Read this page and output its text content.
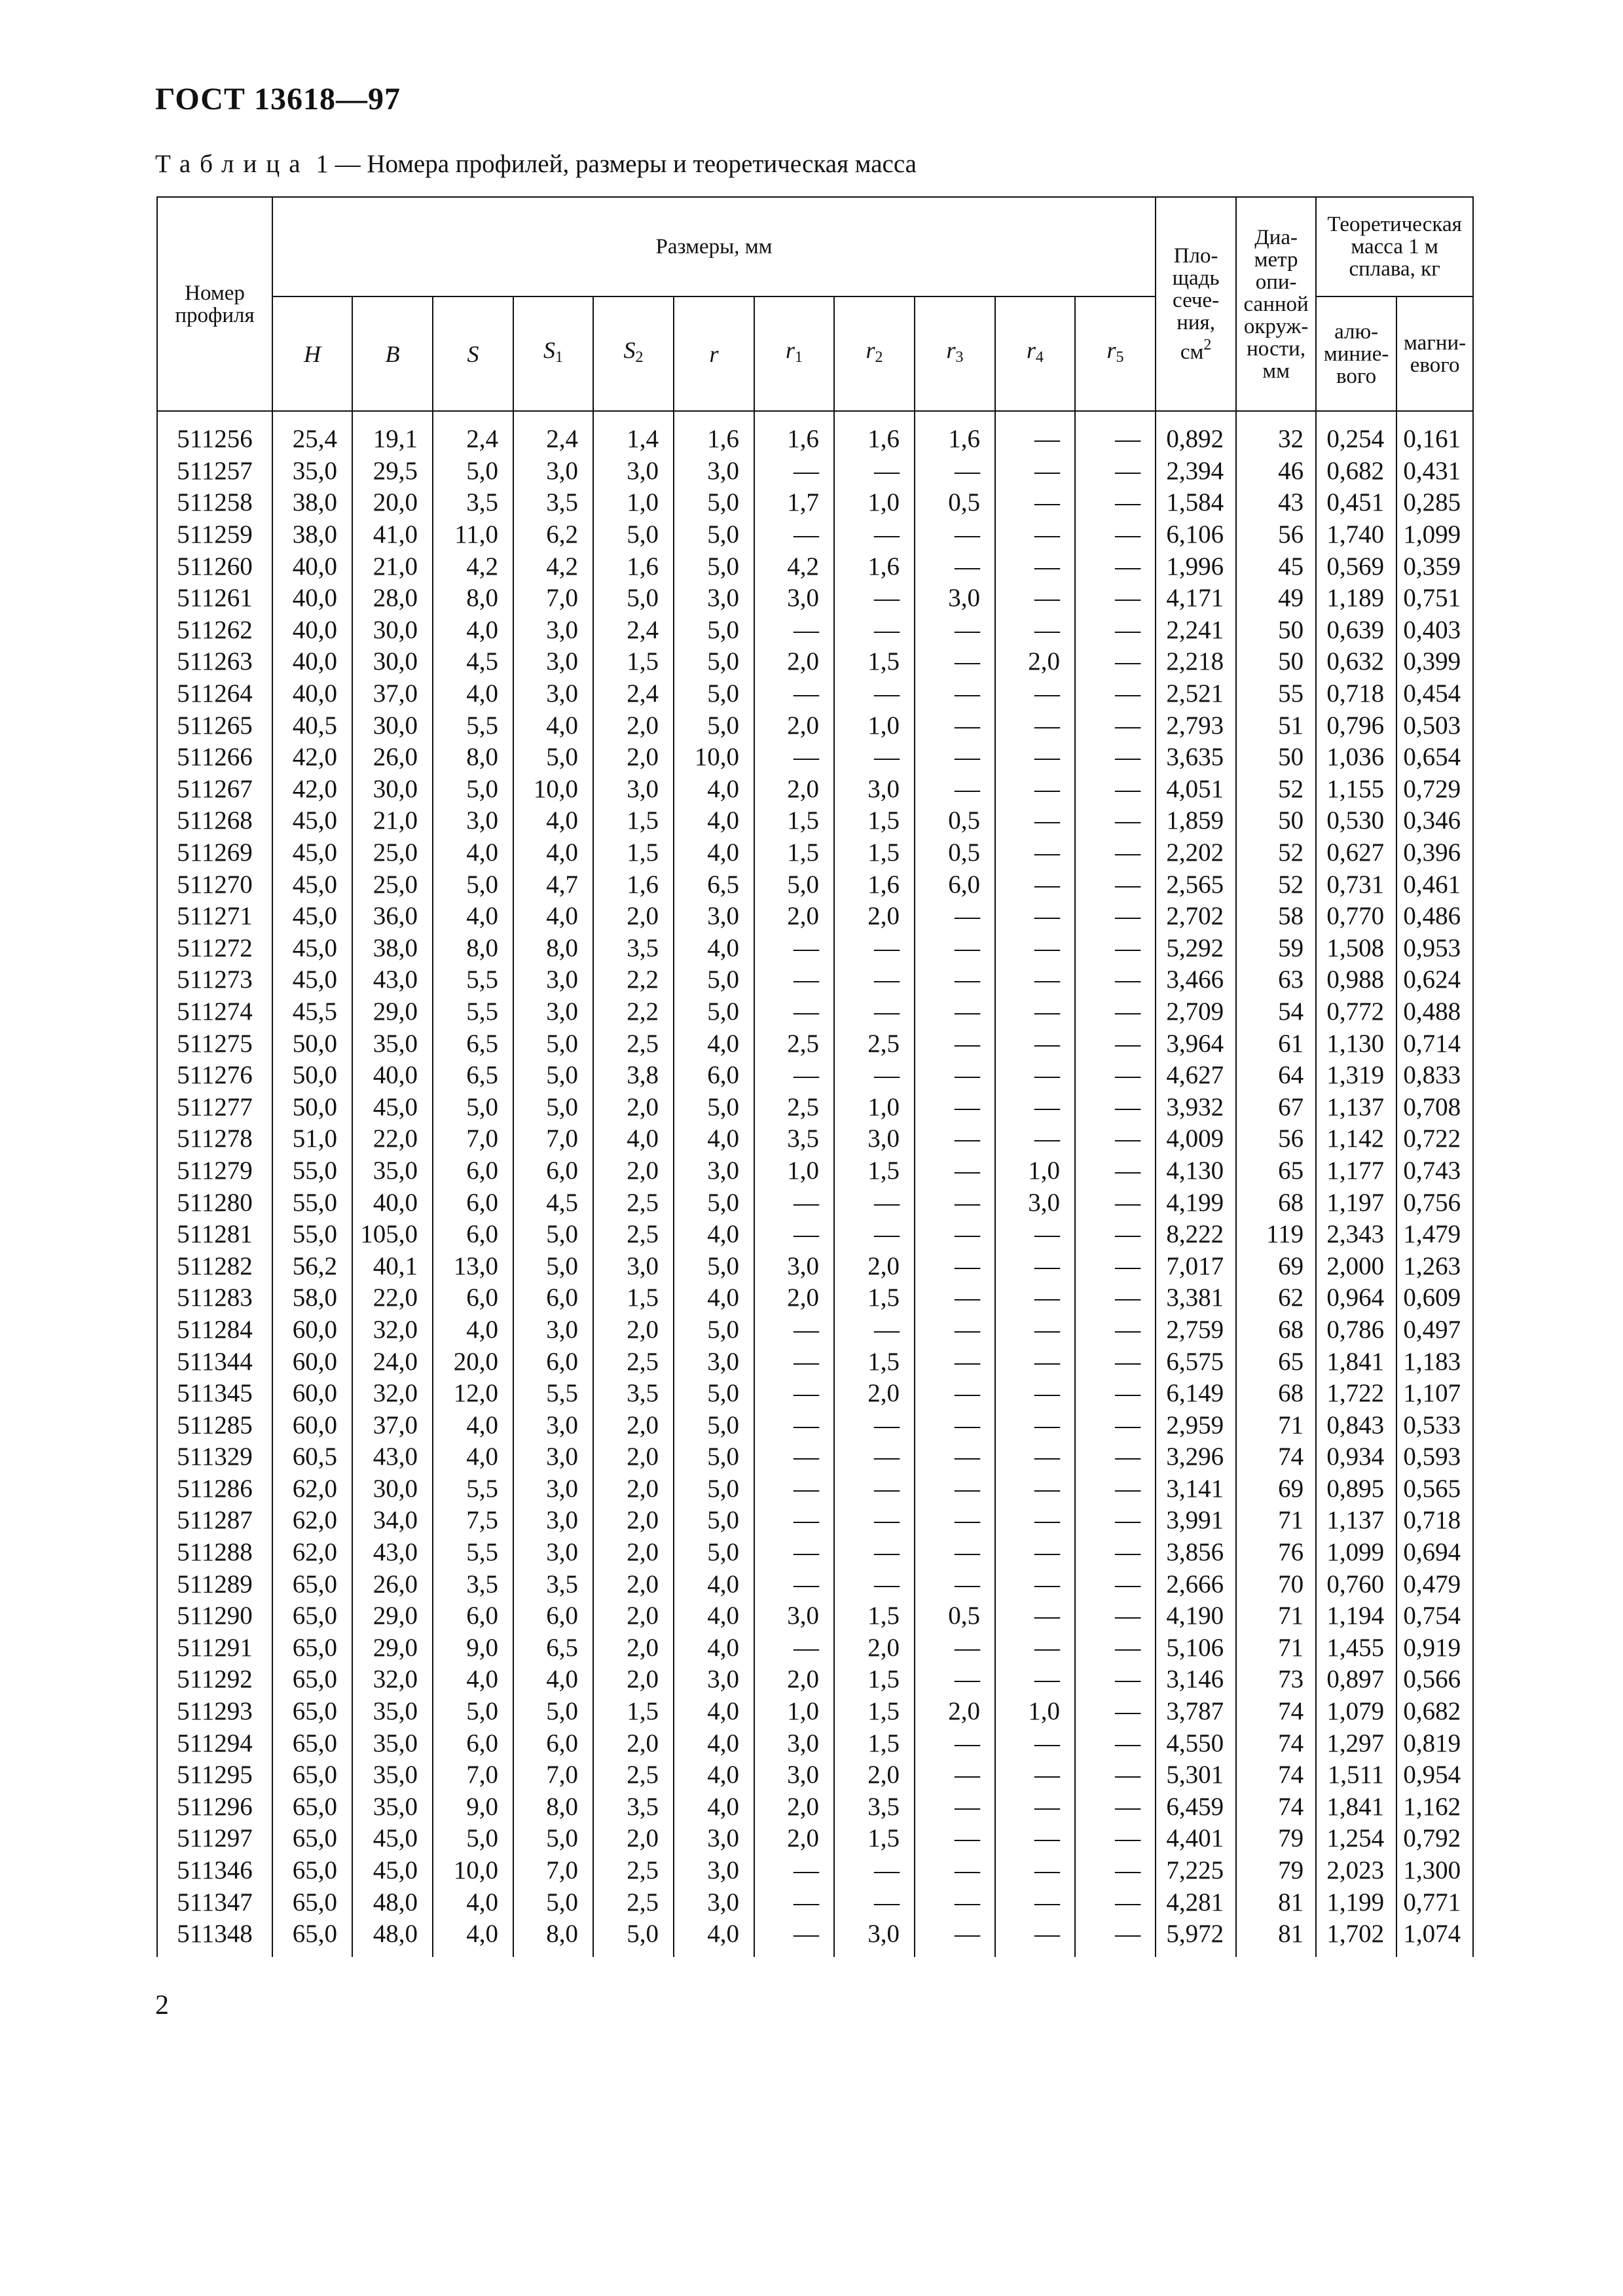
ГОСТ 13618—97
Таблица 1 — Номера профилей, размеры и теоретическая масса
Номер профиля	Размеры, мм											Пло- щадь сече- ния, $см^2$	Диа- метр опи- санной окруж- ности, мм	Теоретическая масса 1 м сплава, кг	
	H	B	S	$S_1$	$S_2$	r	$r_1$	$r_2$	$r_3$	$r_4$	$r_5$			алю- миние- вого	магни- евого
511256	25,4	19,1	2,4	2,4	1,4	1,6	1,6	1,6	1,6	—	—	0,892	32	0,254	0,161
511257	35,0	29,5	5,0	3,0	3,0	3,0	—	—	—	—	—	2,394	46	0,682	0,431
511258	38,0	20,0	3,5	3,5	1,0	5,0	1,7	1,0	0,5	—	—	1,584	43	0,451	0,285
511259	38,0	41,0	11,0	6,2	5,0	5,0	—	—	—	—	—	6,106	56	1,740	1,099
511260	40,0	21,0	4,2	4,2	1,6	5,0	4,2	1,6	—	—	—	1,996	45	0,569	0,359
511261	40,0	28,0	8,0	7,0	5,0	3,0	3,0	—	3,0	—	—	4,171	49	1,189	0,751
511262	40,0	30,0	4,0	3,0	2,4	5,0	—	—	—	—	—	2,241	50	0,639	0,403
511263	40,0	30,0	4,5	3,0	1,5	5,0	2,0	1,5	—	2,0	—	2,218	50	0,632	0,399
511264	40,0	37,0	4,0	3,0	2,4	5,0	—	—	—	—	—	2,521	55	0,718	0,454
511265	40,5	30,0	5,5	4,0	2,0	5,0	2,0	1,0	—	—	—	2,793	51	0,796	0,503
511266	42,0	26,0	8,0	5,0	2,0	10,0	—	—	—	—	—	3,635	50	1,036	0,654
511267	42,0	30,0	5,0	10,0	3,0	4,0	2,0	3,0	—	—	—	4,051	52	1,155	0,729
511268	45,0	21,0	3,0	4,0	1,5	4,0	1,5	1,5	0,5	—	—	1,859	50	0,530	0,346
511269	45,0	25,0	4,0	4,0	1,5	4,0	1,5	1,5	0,5	—	—	2,202	52	0,627	0,396
511270	45,0	25,0	5,0	4,7	1,6	6,5	5,0	1,6	6,0	—	—	2,565	52	0,731	0,461
511271	45,0	36,0	4,0	4,0	2,0	3,0	2,0	2,0	—	—	—	2,702	58	0,770	0,486
511272	45,0	38,0	8,0	8,0	3,5	4,0	—	—	—	—	—	5,292	59	1,508	0,953
511273	45,0	43,0	5,5	3,0	2,2	5,0	—	—	—	—	—	3,466	63	0,988	0,624
511274	45,5	29,0	5,5	3,0	2,2	5,0	—	—	—	—	—	2,709	54	0,772	0,488
511275	50,0	35,0	6,5	5,0	2,5	4,0	2,5	2,5	—	—	—	3,964	61	1,130	0,714
511276	50,0	40,0	6,5	5,0	3,8	6,0	—	—	—	—	—	4,627	64	1,319	0,833
511277	50,0	45,0	5,0	5,0	2,0	5,0	2,5	1,0	—	—	—	3,932	67	1,137	0,708
511278	51,0	22,0	7,0	7,0	4,0	4,0	3,5	3,0	—	—	—	4,009	56	1,142	0,722
511279	55,0	35,0	6,0	6,0	2,0	3,0	1,0	1,5	—	1,0	—	4,130	65	1,177	0,743
511280	55,0	40,0	6,0	4,5	2,5	5,0	—	—	—	3,0	—	4,199	68	1,197	0,756
511281	55,0	105,0	6,0	5,0	2,5	4,0	—	—	—	—	—	8,222	119	2,343	1,479
511282	56,2	40,1	13,0	5,0	3,0	5,0	3,0	2,0	—	—	—	7,017	69	2,000	1,263
511283	58,0	22,0	6,0	6,0	1,5	4,0	2,0	1,5	—	—	—	3,381	62	0,964	0,609
511284	60,0	32,0	4,0	3,0	2,0	5,0	—	—	—	—	—	2,759	68	0,786	0,497
511344	60,0	24,0	20,0	6,0	2,5	3,0	—	1,5	—	—	—	6,575	65	1,841	1,183
511345	60,0	32,0	12,0	5,5	3,5	5,0	—	2,0	—	—	—	6,149	68	1,722	1,107
511285	60,0	37,0	4,0	3,0	2,0	5,0	—	—	—	—	—	2,959	71	0,843	0,533
511329	60,5	43,0	4,0	3,0	2,0	5,0	—	—	—	—	—	3,296	74	0,934	0,593
511286	62,0	30,0	5,5	3,0	2,0	5,0	—	—	—	—	—	3,141	69	0,895	0,565
511287	62,0	34,0	7,5	3,0	2,0	5,0	—	—	—	—	—	3,991	71	1,137	0,718
511288	62,0	43,0	5,5	3,0	2,0	5,0	—	—	—	—	—	3,856	76	1,099	0,694
511289	65,0	26,0	3,5	3,5	2,0	4,0	—	—	—	—	—	2,666	70	0,760	0,479
511290	65,0	29,0	6,0	6,0	2,0	4,0	3,0	1,5	0,5	—	—	4,190	71	1,194	0,754
511291	65,0	29,0	9,0	6,5	2,0	4,0	—	2,0	—	—	—	5,106	71	1,455	0,919
511292	65,0	32,0	4,0	4,0	2,0	3,0	2,0	1,5	—	—	—	3,146	73	0,897	0,566
511293	65,0	35,0	5,0	5,0	1,5	4,0	1,0	1,5	2,0	1,0	—	3,787	74	1,079	0,682
511294	65,0	35,0	6,0	6,0	2,0	4,0	3,0	1,5	—	—	—	4,550	74	1,297	0,819
511295	65,0	35,0	7,0	7,0	2,5	4,0	3,0	2,0	—	—	—	5,301	74	1,511	0,954
511296	65,0	35,0	9,0	8,0	3,5	4,0	2,0	3,5	—	—	—	6,459	74	1,841	1,162
511297	65,0	45,0	5,0	5,0	2,0	3,0	2,0	1,5	—	—	—	4,401	79	1,254	0,792
511346	65,0	45,0	10,0	7,0	2,5	3,0	—	—	—	—	—	7,225	79	2,023	1,300
511347	65,0	48,0	4,0	5,0	2,5	3,0	—	—	—	—	—	4,281	81	1,199	0,771
511348	65,0	48,0	4,0	8,0	5,0	4,0	—	3,0	—	—	—	5,972	81	1,702	1,074

2
